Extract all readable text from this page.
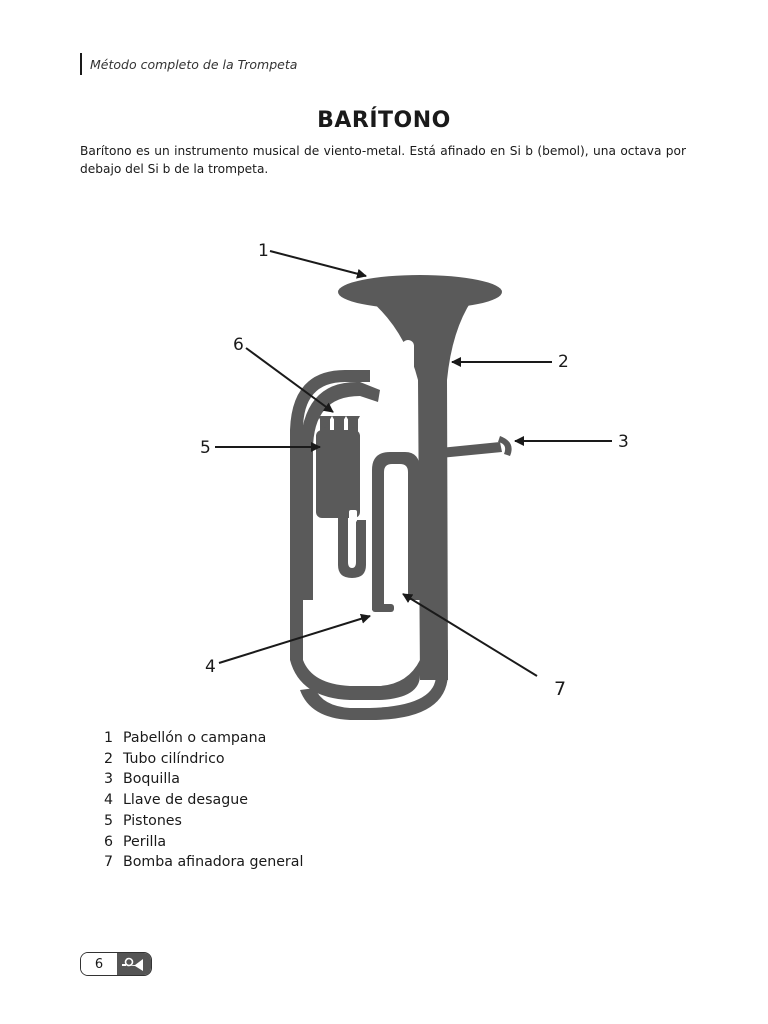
Método completo de la Trompeta
BARÍTONO
Barítono es un instrumento musical de viento-metal. Está afinado en Si b (bemol), una octava por debajo del Si b de la trompeta.
1
2
3
4
5
6
7
1 Pabellón o campana
2 Tubo cilíndrico
3 Boquilla
4 Llave de desague
5 Pistones
6 Perilla
7 Bomba afinadora general
6
